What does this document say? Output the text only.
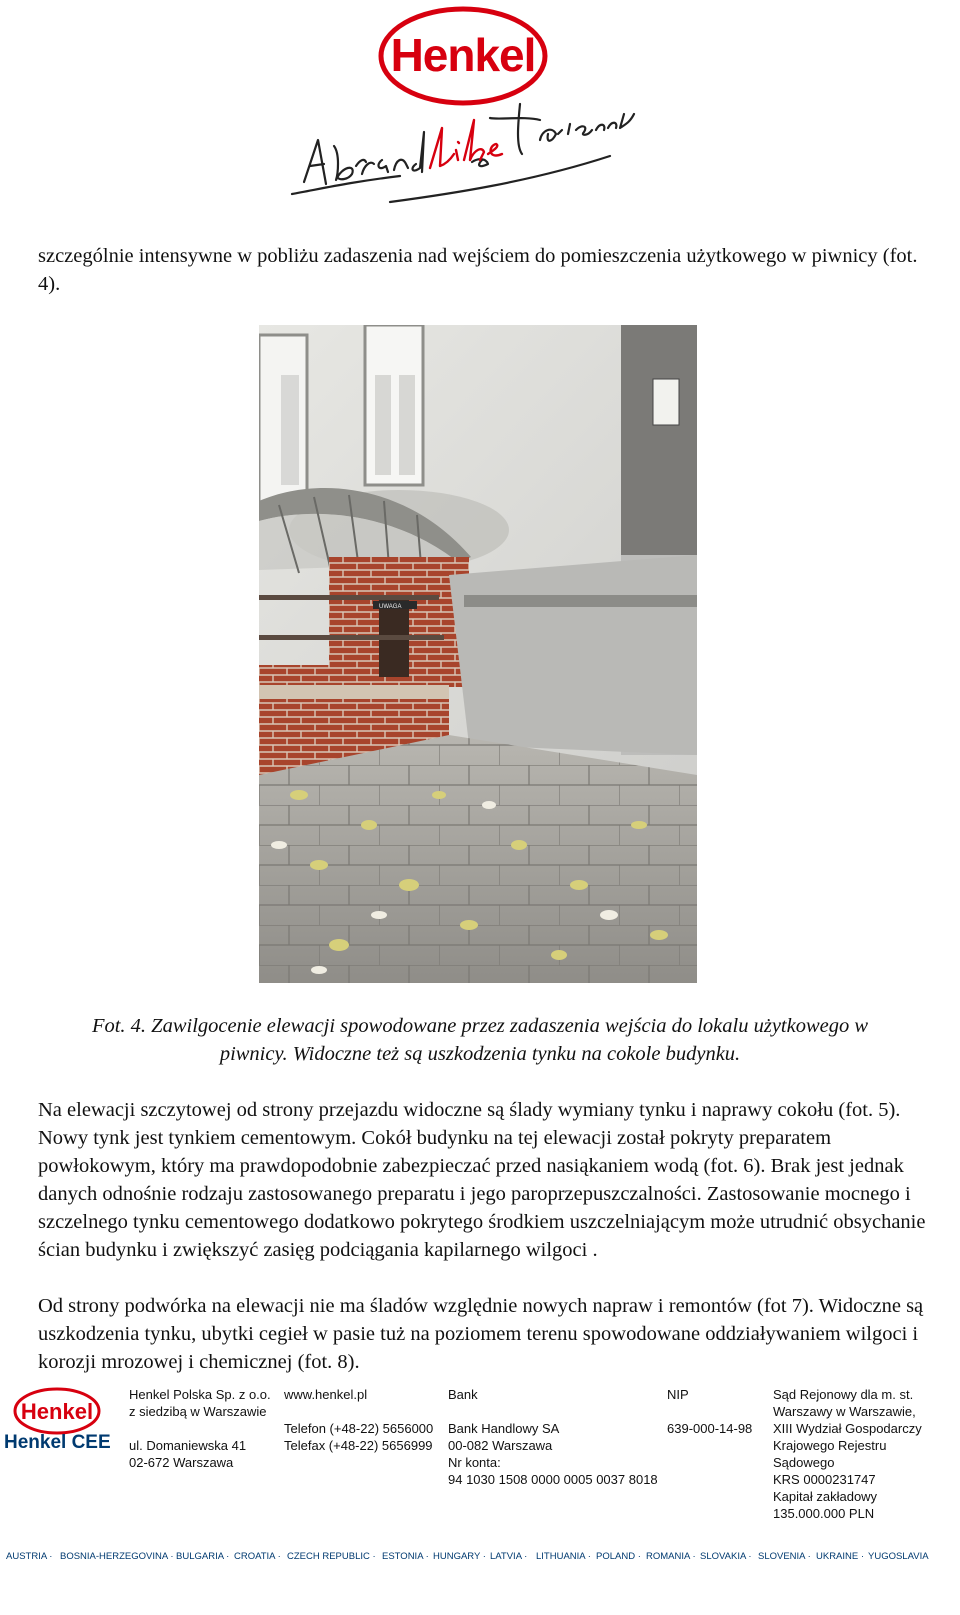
Henkel

szczególnie intensywne w pobliżu zadaszenia nad wejściem do pomieszczenia użytkowego w piwnicy (fot. 4).

UWAGA

Fot. 4. Zawilgocenie elewacji spowodowane przez zadaszenia wejścia do lokalu użytkowego w piwnicy. Widoczne też są uszkodzenia tynku na cokole budynku.

Na elewacji szczytowej od strony przejazdu widoczne są ślady wymiany tynku i naprawy cokołu (fot. 5). Nowy tynk jest tynkiem cementowym. Cokół budynku na tej elewacji został pokryty preparatem powłokowym, który ma prawdopodobnie zabezpieczać przed nasiąkaniem wodą (fot. 6). Brak jest jednak danych odnośnie rodzaju zastosowanego preparatu i jego paroprzepuszczalności. Zastosowanie mocnego i szczelnego tynku cementowego dodatkowo pokrytego środkiem uszczelniającym może utrudnić obsychanie ścian budynku i zwiększyć zasięg podciągania kapilarnego wilgoci .

Od strony podwórka na elewacji nie ma śladów względnie nowych napraw i remontów (fot 7). Widoczne są uszkodzenia tynku, ubytki cegieł w pasie tuż na poziomem terenu spowodowane oddziaływaniem wilgoci i korozji mrozowej i chemicznej (fot. 8).

Henkel
Henkel CEE
Henkel Polska Sp. z o.o.
z siedzibą w Warszawie
ul. Domaniewska 41
02-672 Warszawa
www.henkel.pl
Telefon (+48-22) 5656000
Telefax (+48-22) 5656999
Bank
Bank Handlowy SA
00-082 Warszawa
Nr konta:
94 1030 1508 0000 0005 0037 8018
NIP
639-000-14-98
Sąd Rejonowy dla m. st.
Warszawy w Warszawie,
XIII Wydział Gospodarczy
Krajowego Rejestru
Sądowego
KRS 0000231747
Kapitał zakładowy
135.000.000 PLN
AUSTRIA · BOSNIA-HERZEGOVINA · BULGARIA · CROATIA · CZECH REPUBLIC · ESTONIA · HUNGARY · LATVIA · LITHUANIA · POLAND · ROMANIA · SLOVAKIA · SLOVENIA · UKRAINE · YUGOSLAVIA
